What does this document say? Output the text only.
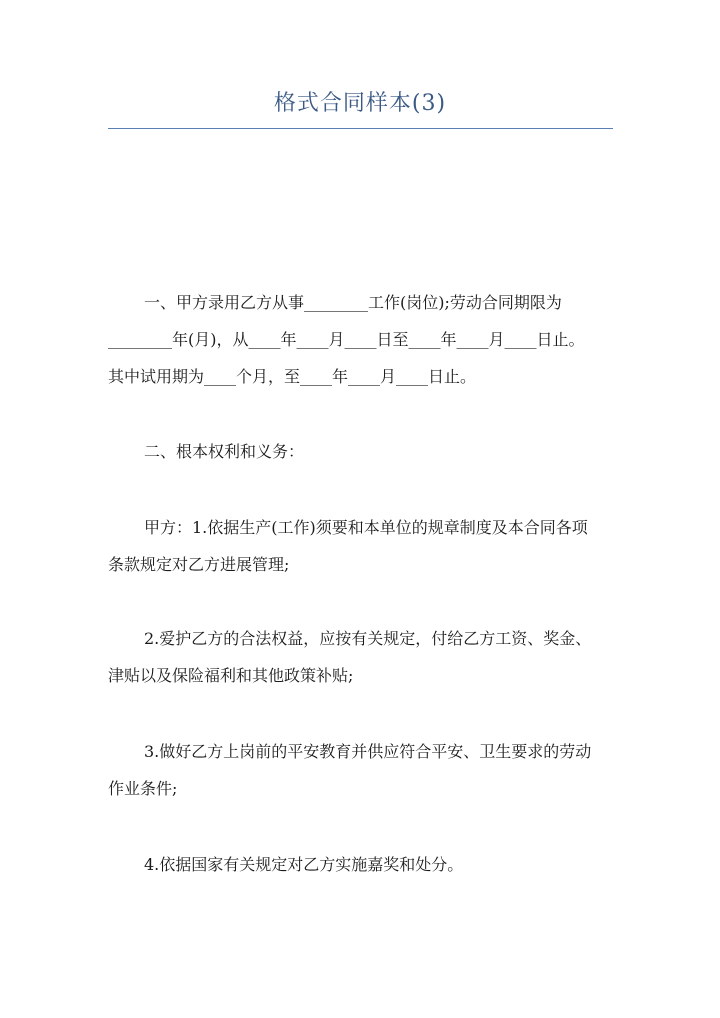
格式合同样本(3)
一、甲方录用乙方从事________工作(岗位);劳动合同期限为
________年(月)，从____年____月____日至____年____月____日止。
其中试用期为____个月，至____年____月____日止。
二、根本权利和义务：
甲方：1.依据生产(工作)须要和本单位的规章制度及本合同各项
条款规定对乙方进展管理;
2.爱护乙方的合法权益，应按有关规定，付给乙方工资、奖金、
津贴以及保险福利和其他政策补贴;
3.做好乙方上岗前的平安教育并供应符合平安、卫生要求的劳动
作业条件;
4.依据国家有关规定对乙方实施嘉奖和处分。
